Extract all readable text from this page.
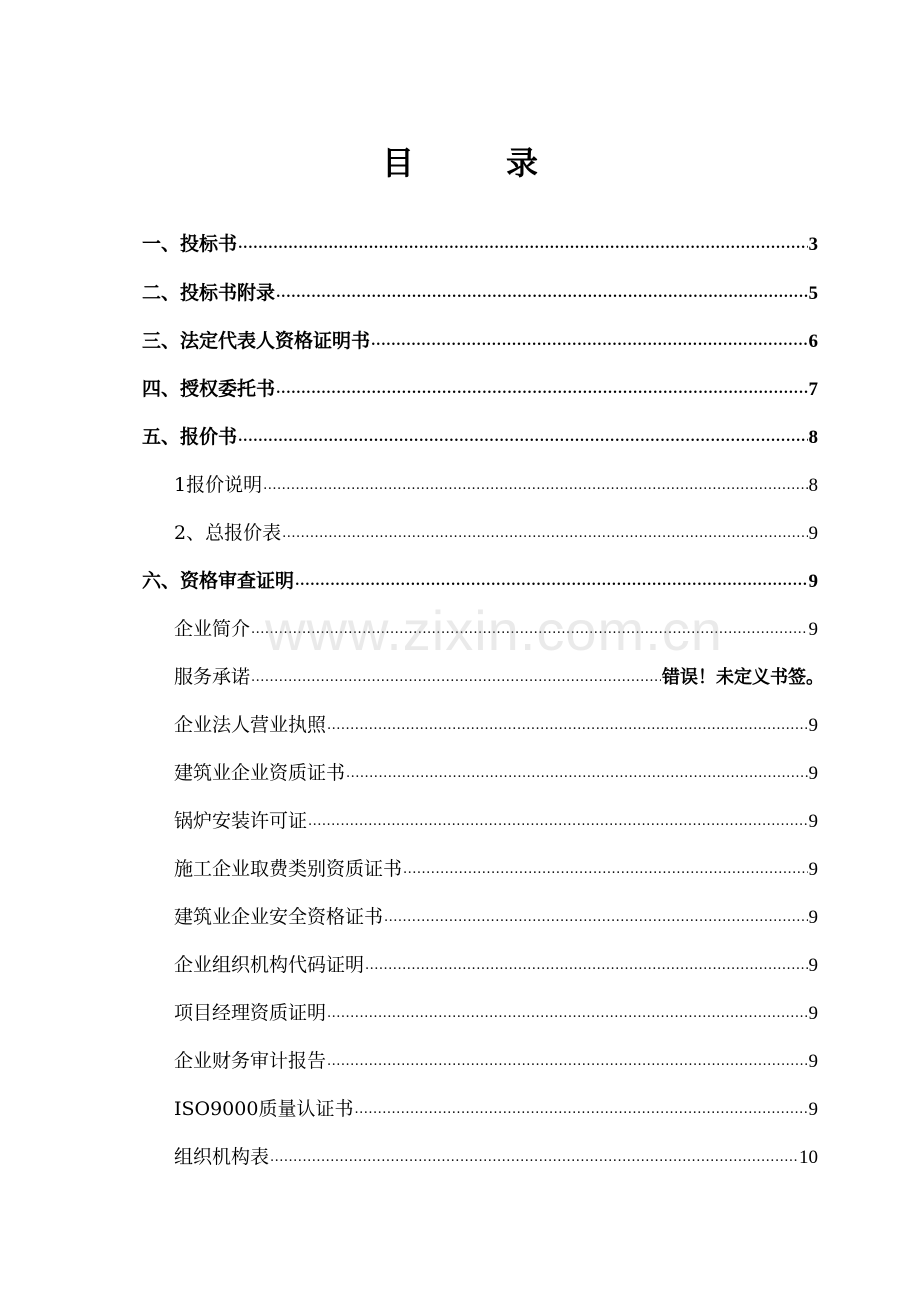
目　录
一、投标书 .....	3
二、投标书附录 .....	5
三、法定代表人资格证明书 .....	6
四、授权委托书 .....	7
五、报价书 .....	8
1报价说明 .....	8
2、总报价表 .....	9
六、资格审查证明 .....	9
企业简介 .....	9
服务承诺 .....	错误！未定义书签。
企业法人营业执照 .....	9
建筑业企业资质证书 .....	9
锅炉安装许可证 .....	9
施工企业取费类别资质证书 .....	9
建筑业企业安全资格证书 .....	9
企业组织机构代码证明 .....	9
项目经理资质证明 .....	9
企业财务审计报告 .....	9
ISO9000质量认证书 .....	9
组织机构表 .....	10
www.zixin.com.cn
